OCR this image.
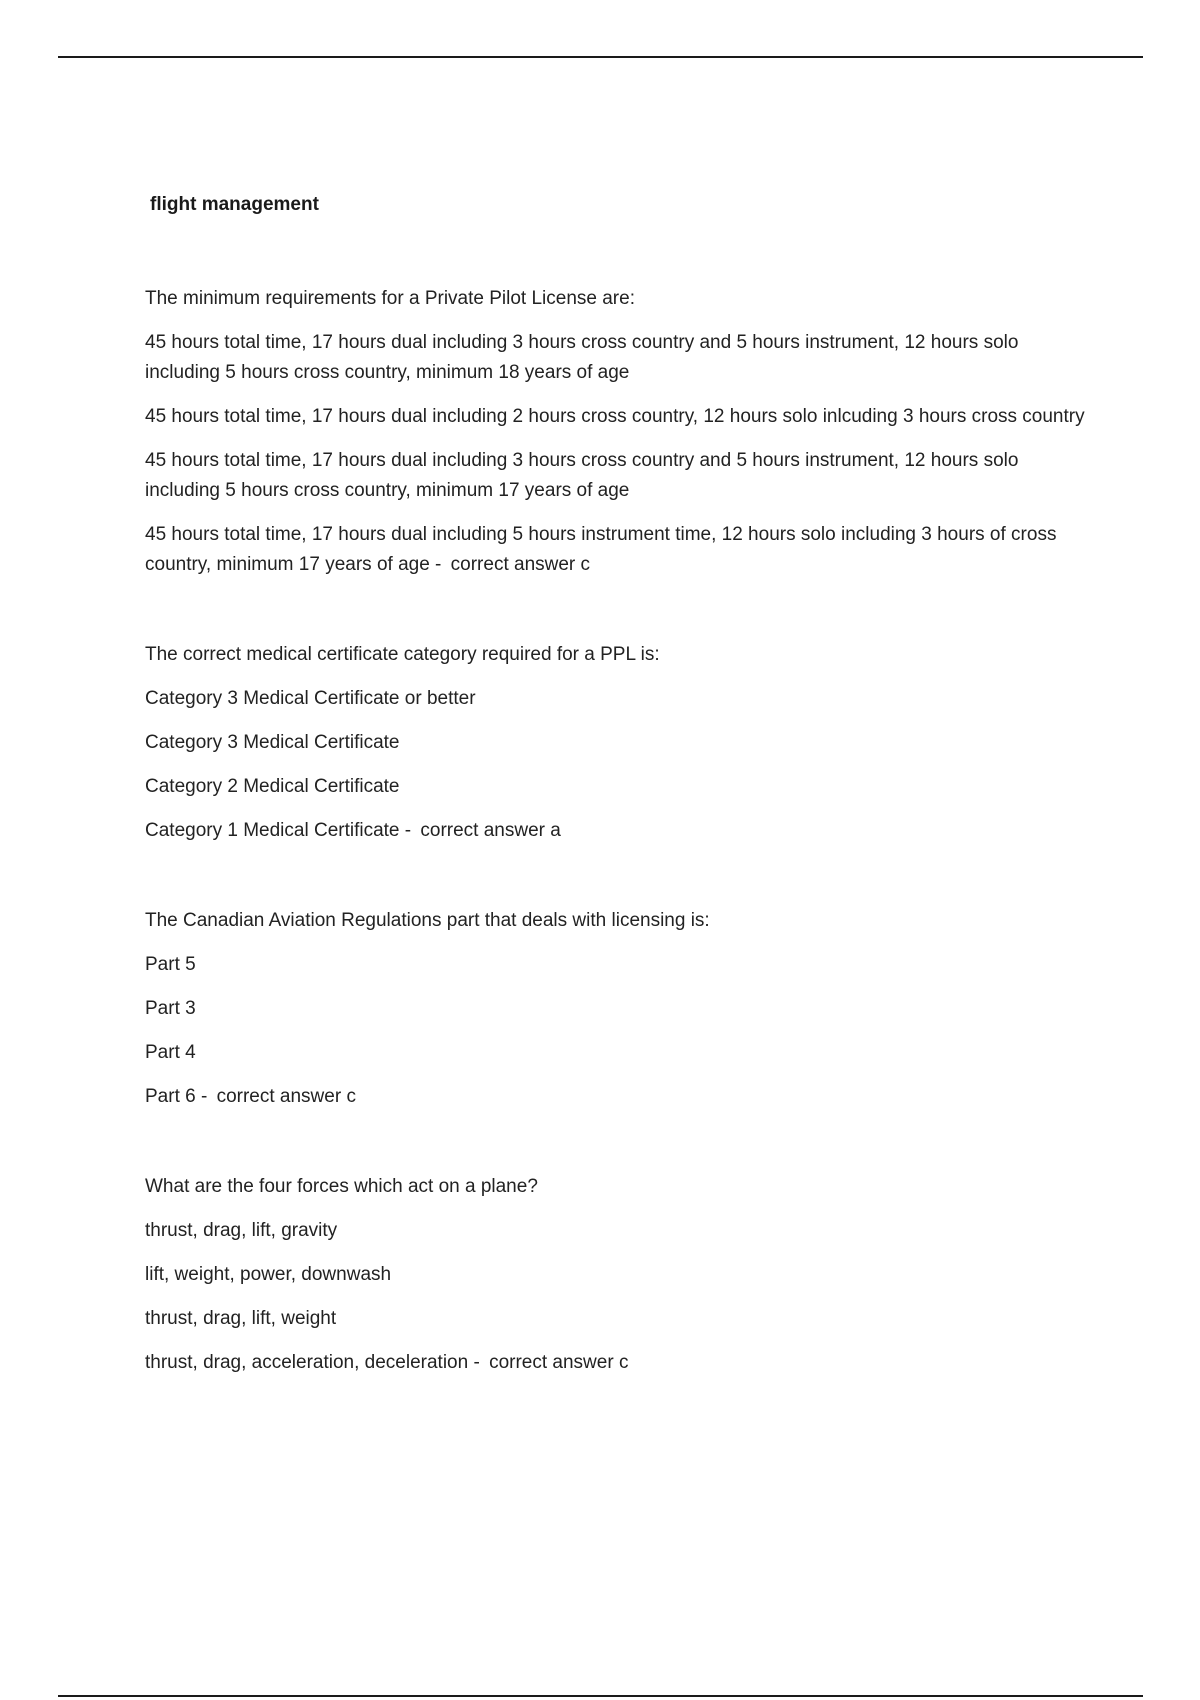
flight management

The minimum requirements for a Private Pilot License are:

45 hours total time, 17 hours dual including 3 hours cross country and 5 hours instrument, 12 hours solo including 5 hours cross country, minimum 18 years of age

45 hours total time, 17 hours dual including 2 hours cross country, 12 hours solo inlcuding 3 hours cross country

45 hours total time, 17 hours dual including 3 hours cross country and 5 hours instrument, 12 hours solo including 5 hours cross country, minimum 17 years of age

45 hours total time, 17 hours dual including 5 hours instrument time, 12 hours solo including 3 hours of cross country, minimum 17 years of age - correct answer c

The correct medical certificate category required for a PPL is:

Category 3 Medical Certificate or better

Category 3 Medical Certificate

Category 2 Medical Certificate

Category 1 Medical Certificate - correct answer a

The Canadian Aviation Regulations part that deals with licensing is:

Part 5

Part 3

Part 4

Part 6 - correct answer c

What are the four forces which act on a plane?

thrust, drag, lift, gravity

lift, weight, power, downwash

thrust, drag, lift, weight

thrust, drag, acceleration, deceleration - correct answer c
